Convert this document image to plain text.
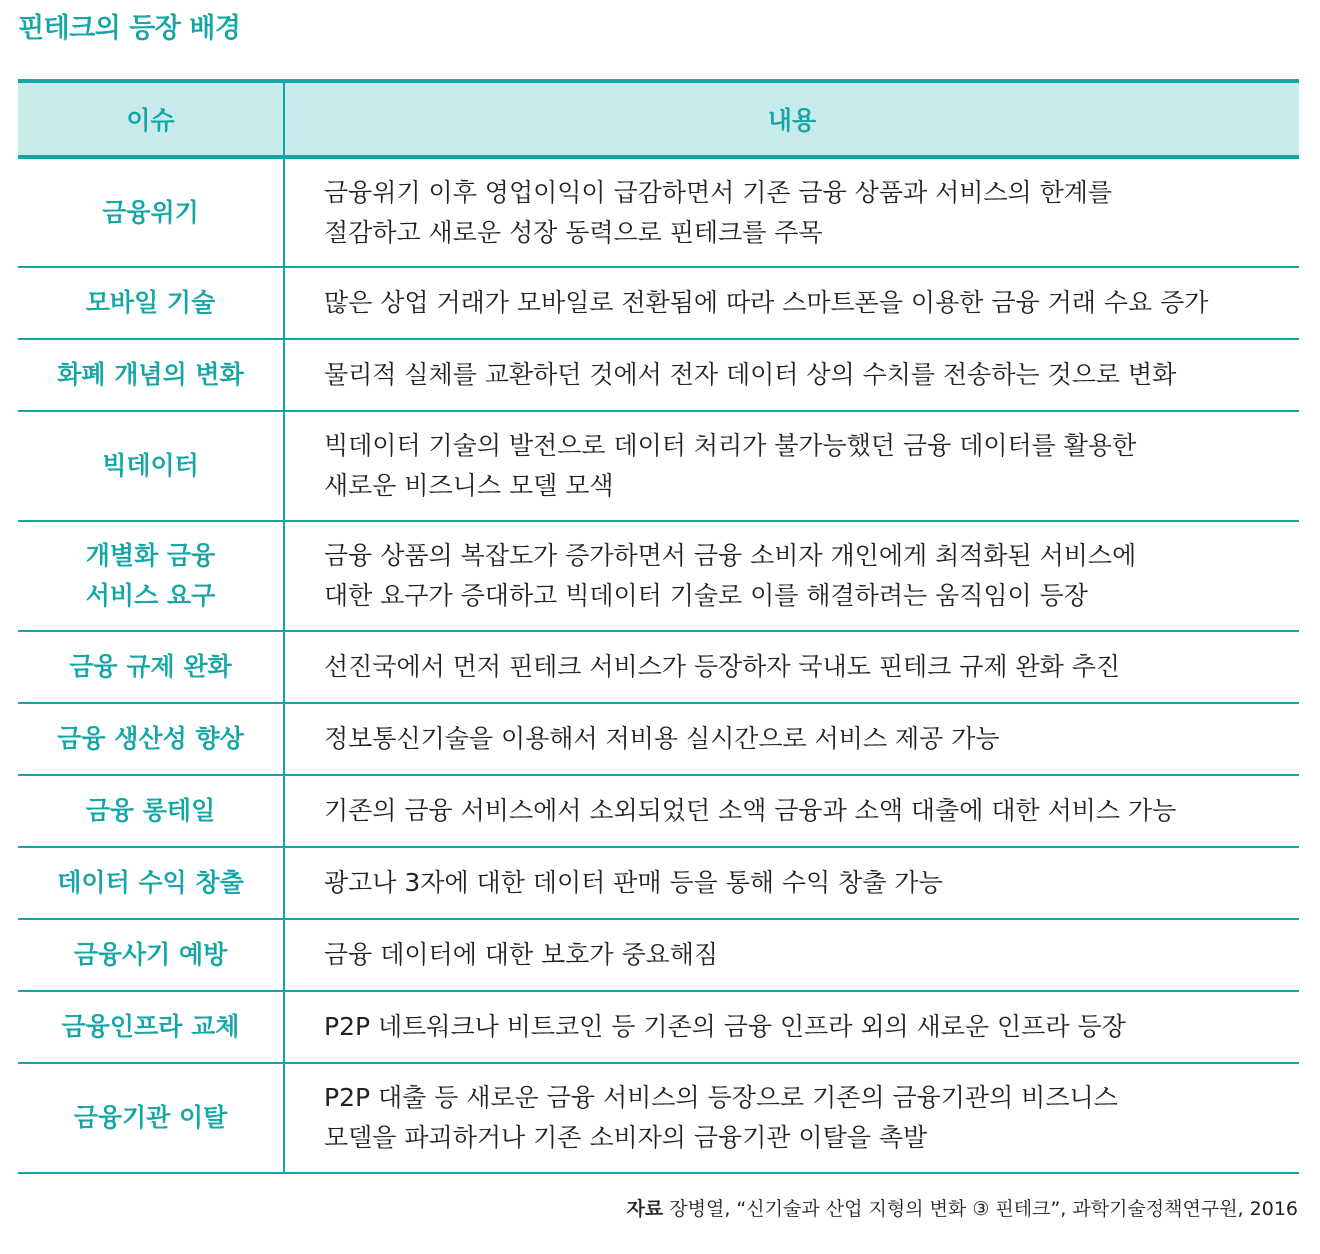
핀테크의 등장 배경
이슈	내용
금융위기	금융위기 이후 영업이익이 급감하면서 기존 금융 상품과 서비스의 한계를
절감하고 새로운 성장 동력으로 핀테크를 주목
모바일 기술	많은 상업 거래가 모바일로 전환됨에 따라 스마트폰을 이용한 금융 거래 수요 증가
화폐 개념의 변화	물리적 실체를 교환하던 것에서 전자 데이터 상의 수치를 전송하는 것으로 변화
빅데이터	빅데이터 기술의 발전으로 데이터 처리가 불가능했던 금융 데이터를 활용한
새로운 비즈니스 모델 모색
개별화 금융
서비스 요구	금융 상품의 복잡도가 증가하면서 금융 소비자 개인에게 최적화된 서비스에
대한 요구가 증대하고 빅데이터 기술로 이를 해결하려는 움직임이 등장
금융 규제 완화	선진국에서 먼저 핀테크 서비스가 등장하자 국내도 핀테크 규제 완화 추진
금융 생산성 향상	정보통신기술을 이용해서 저비용 실시간으로 서비스 제공 가능
금융 롱테일	기존의 금융 서비스에서 소외되었던 소액 금융과 소액 대출에 대한 서비스 가능
데이터 수익 창출	광고나 3자에 대한 데이터 판매 등을 통해 수익 창출 가능
금융사기 예방	금융 데이터에 대한 보호가 중요해짐
금융인프라 교체	P2P 네트워크나 비트코인 등 기존의 금융 인프라 외의 새로운 인프라 등장
금융기관 이탈	P2P 대출 등 새로운 금융 서비스의 등장으로 기존의 금융기관의 비즈니스
모델을 파괴하거나 기존 소비자의 금융기관 이탈을 촉발
자료 장병열, “신기술과 산업 지형의 변화 ③ 핀테크”, 과학기술정책연구원, 2016
